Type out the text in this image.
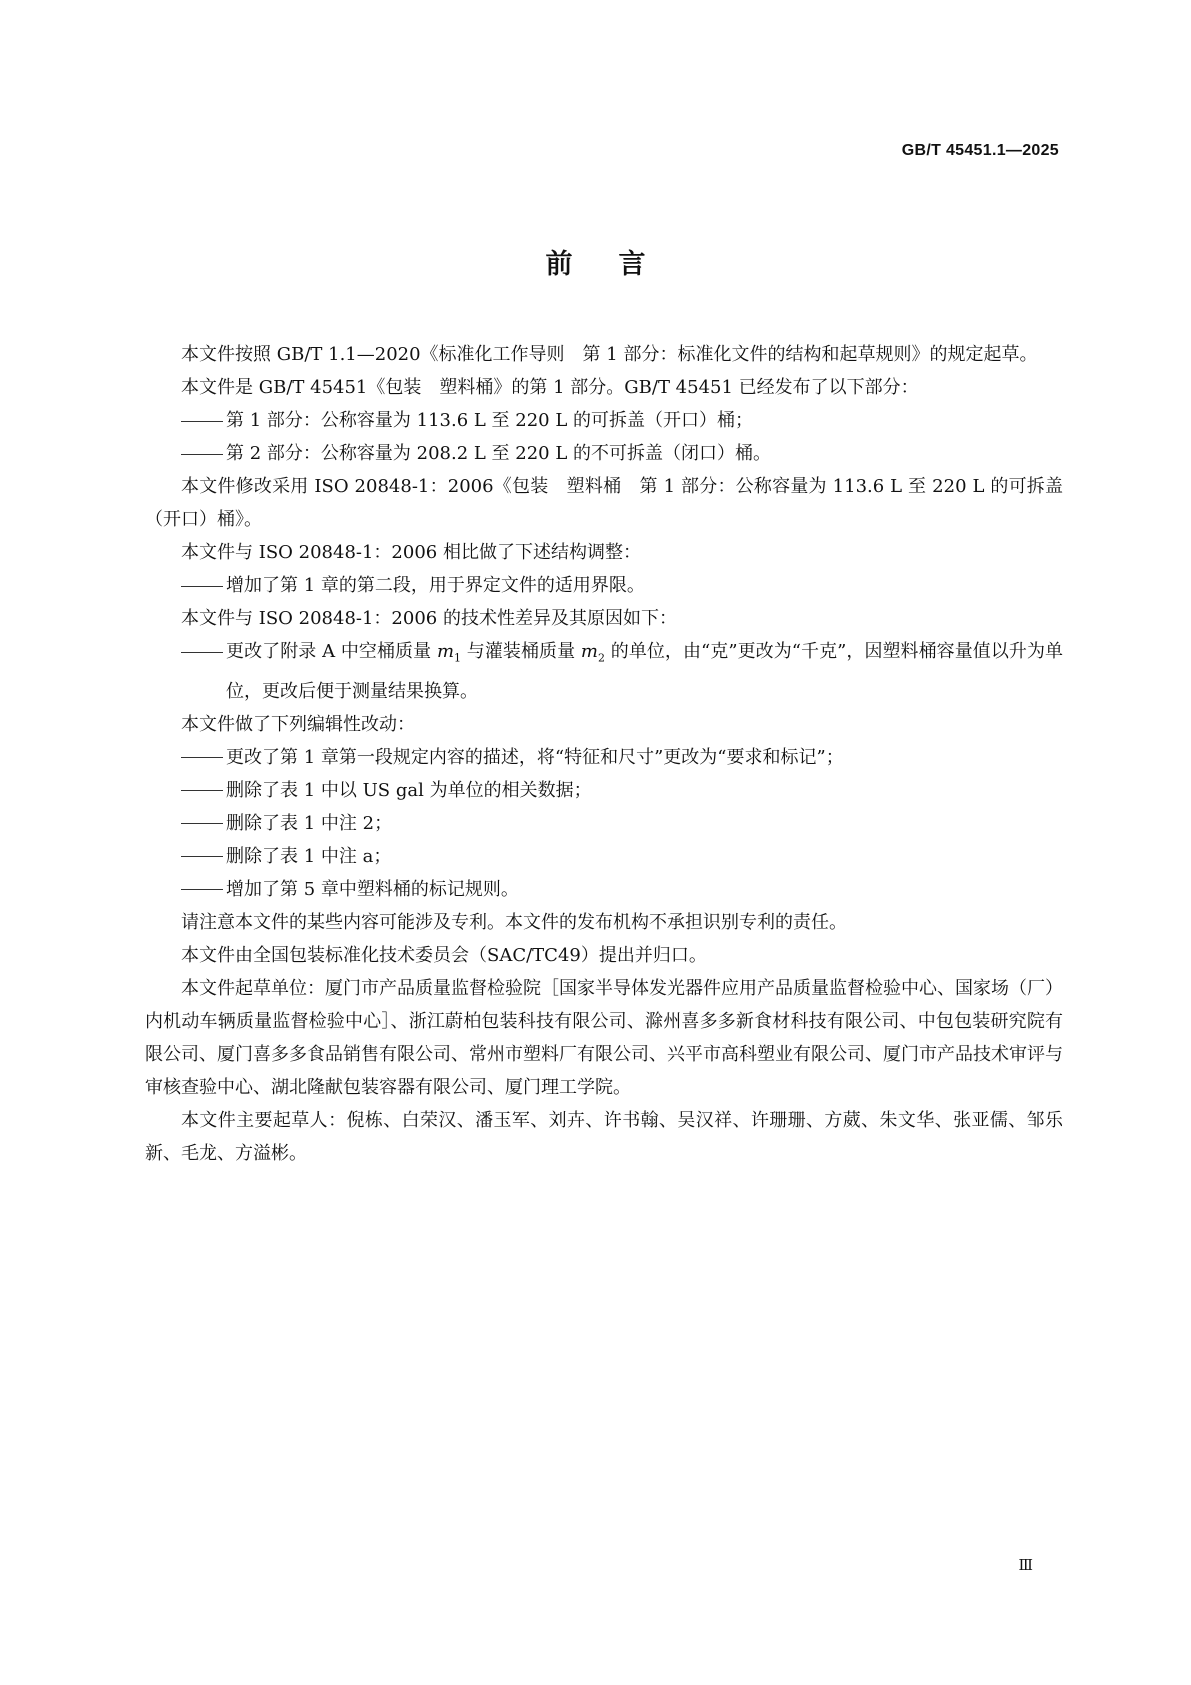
GB/T 45451.1—2025
前言

本文件按照 GB/T 1.1—2020《标准化工作导则　第 1 部分：标准化文件的结构和起草规则》的规定起草。

本文件是 GB/T 45451《包装　塑料桶》的第 1 部分。GB/T 45451 已经发布了以下部分：

第 1 部分：公称容量为 113.6 L 至 220 L 的可拆盖（开口）桶；

第 2 部分：公称容量为 208.2 L 至 220 L 的不可拆盖（闭口）桶。

本文件修改采用 ISO 20848-1：2006《包装　塑料桶　第 1 部分：公称容量为 113.6 L 至 220 L 的可拆盖（开口）桶》。

本文件与 ISO 20848-1：2006 相比做了下述结构调整：

增加了第 1 章的第二段，用于界定文件的适用界限。

本文件与 ISO 20848-1：2006 的技术性差异及其原因如下：

更改了附录 A 中空桶质量 $m_1$ 与灌装桶质量 $m_2$ 的单位，由“克”更改为“千克”，因塑料桶容量值以升为单位，更改后便于测量结果换算。

本文件做了下列编辑性改动：

更改了第 1 章第一段规定内容的描述，将“特征和尺寸”更改为“要求和标记”；

删除了表 1 中以 US gal 为单位的相关数据；

删除了表 1 中注 2；

删除了表 1 中注 a；

增加了第 5 章中塑料桶的标记规则。

请注意本文件的某些内容可能涉及专利。本文件的发布机构不承担识别专利的责任。

本文件由全国包装标准化技术委员会（SAC/TC49）提出并归口。

本文件起草单位：厦门市产品质量监督检验院［国家半导体发光器件应用产品质量监督检验中心、国家场（厂）内机动车辆质量监督检验中心］、浙江蔚柏包装科技有限公司、滁州喜多多新食材科技有限公司、中包包装研究院有限公司、厦门喜多多食品销售有限公司、常州市塑料厂有限公司、兴平市高科塑业有限公司、厦门市产品技术审评与审核查验中心、湖北隆献包装容器有限公司、厦门理工学院。

本文件主要起草人：倪栋、白荣汉、潘玉军、刘卉、许书翰、吴汉祥、许珊珊、方葳、朱文华、张亚儒、邹乐新、毛龙、方溢彬。

Ⅲ
